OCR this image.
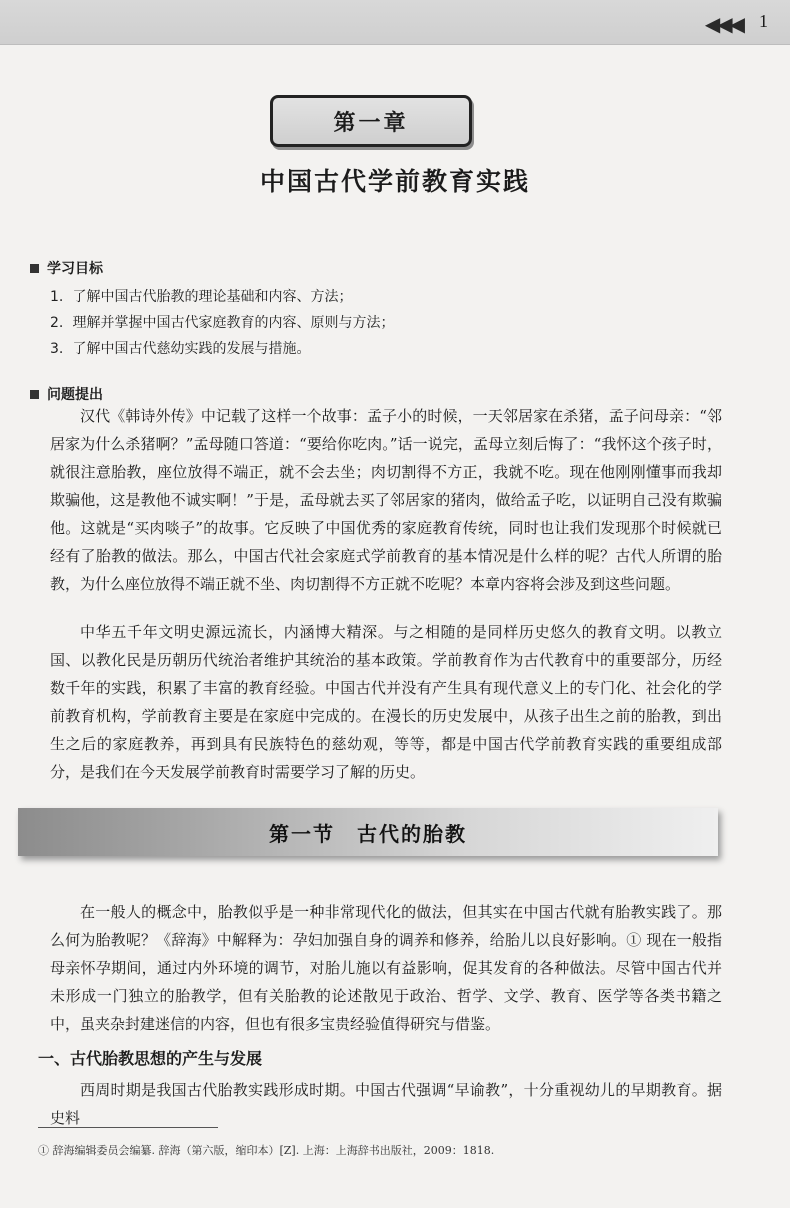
◀◀◀ 1
第一章
中国古代学前教育实践
学习目标
1. 了解中国古代胎教的理论基础和内容、方法；
2. 理解并掌握中国古代家庭教育的内容、原则与方法；
3. 了解中国古代慈幼实践的发展与措施。
问题提出

汉代《韩诗外传》中记载了这样一个故事：孟子小的时候，一天邻居家在杀猪，孟子问母亲：“邻居家为什么杀猪啊？”孟母随口答道：“要给你吃肉。”话一说完，孟母立刻后悔了：“我怀这个孩子时，就很注意胎教，座位放得不端正，就不会去坐；肉切割得不方正，我就不吃。现在他刚刚懂事而我却欺骗他，这是教他不诚实啊！”于是，孟母就去买了邻居家的猪肉，做给孟子吃，以证明自己没有欺骗他。这就是“买肉啖子”的故事。它反映了中国优秀的家庭教育传统，同时也让我们发现那个时候就已经有了胎教的做法。那么，中国古代社会家庭式学前教育的基本情况是什么样的呢？古代人所谓的胎教，为什么座位放得不端正就不坐、肉切割得不方正就不吃呢？本章内容将会涉及到这些问题。

中华五千年文明史源远流长，内涵博大精深。与之相随的是同样历史悠久的教育文明。以教立国、以教化民是历朝历代统治者维护其统治的基本政策。学前教育作为古代教育中的重要部分，历经数千年的实践，积累了丰富的教育经验。中国古代并没有产生具有现代意义上的专门化、社会化的学前教育机构，学前教育主要是在家庭中完成的。在漫长的历史发展中，从孩子出生之前的胎教，到出生之后的家庭教养，再到具有民族特色的慈幼观，等等，都是中国古代学前教育实践的重要组成部分，是我们在今天发展学前教育时需要学习了解的历史。

第一节　古代的胎教

在一般人的概念中，胎教似乎是一种非常现代化的做法，但其实在中国古代就有胎教实践了。那么何为胎教呢？《辞海》中解释为：孕妇加强自身的调养和修养，给胎儿以良好影响。① 现在一般指母亲怀孕期间，通过内外环境的调节，对胎儿施以有益影响，促其发育的各种做法。尽管中国古代并未形成一门独立的胎教学，但有关胎教的论述散见于政治、哲学、文学、教育、医学等各类书籍之中，虽夹杂封建迷信的内容，但也有很多宝贵经验值得研究与借鉴。

一、古代胎教思想的产生与发展

西周时期是我国古代胎教实践形成时期。中国古代强调“早谕教”，十分重视幼儿的早期教育。据史料

① 辞海编辑委员会编纂. 辞海（第六版，缩印本）[Z]. 上海：上海辞书出版社，2009：1818.
